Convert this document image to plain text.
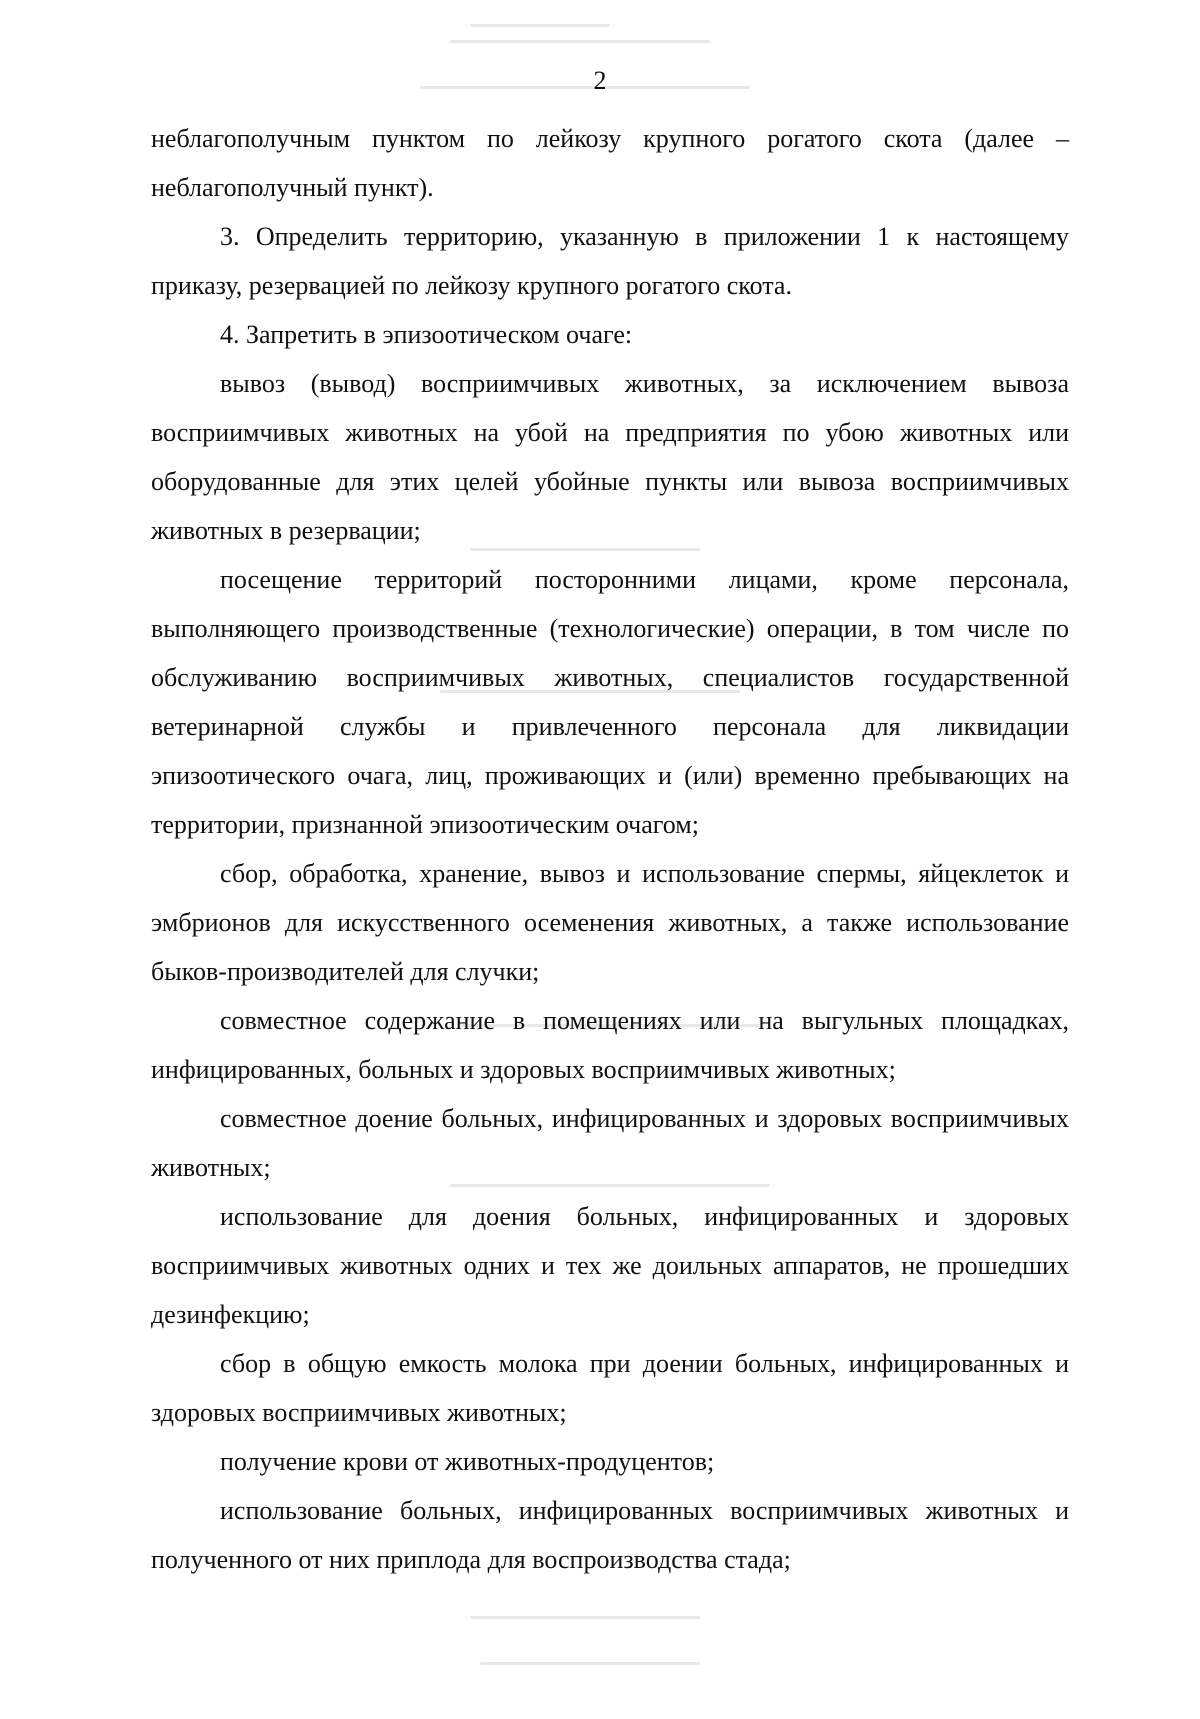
2

неблагополучным пунктом по лейкозу крупного рогатого скота (далее – неблагополучный пункт).

3. Определить территорию, указанную в приложении 1 к настоящему приказу, резервацией по лейкозу крупного рогатого скота.

4. Запретить в эпизоотическом очаге:

вывоз (вывод) восприимчивых животных, за исключением вывоза восприимчивых животных на убой на предприятия по убою животных или оборудованные для этих целей убойные пункты или вывоза восприимчивых животных в резервации;

посещение территорий посторонними лицами, кроме персонала, выполняющего производственные (технологические) операции, в том числе по обслуживанию восприимчивых животных, специалистов государственной ветеринарной службы и привлеченного персонала для ликвидации эпизоотического очага, лиц, проживающих и (или) временно пребывающих на территории, признанной эпизоотическим очагом;

сбор, обработка, хранение, вывоз и использование спермы, яйцеклеток и эмбрионов для искусственного осеменения животных, а также использование быков-производителей для случки;

совместное содержание в помещениях или на выгульных площадках, инфицированных, больных и здоровых восприимчивых животных;

совместное доение больных, инфицированных и здоровых восприимчивых животных;

использование для доения больных, инфицированных и здоровых восприимчивых животных одних и тех же доильных аппаратов, не прошедших дезинфекцию;

сбор в общую емкость молока при доении больных, инфицированных и здоровых восприимчивых животных;

получение крови от животных-продуцентов;

использование больных, инфицированных восприимчивых животных и полученного от них приплода для воспроизводства стада;
